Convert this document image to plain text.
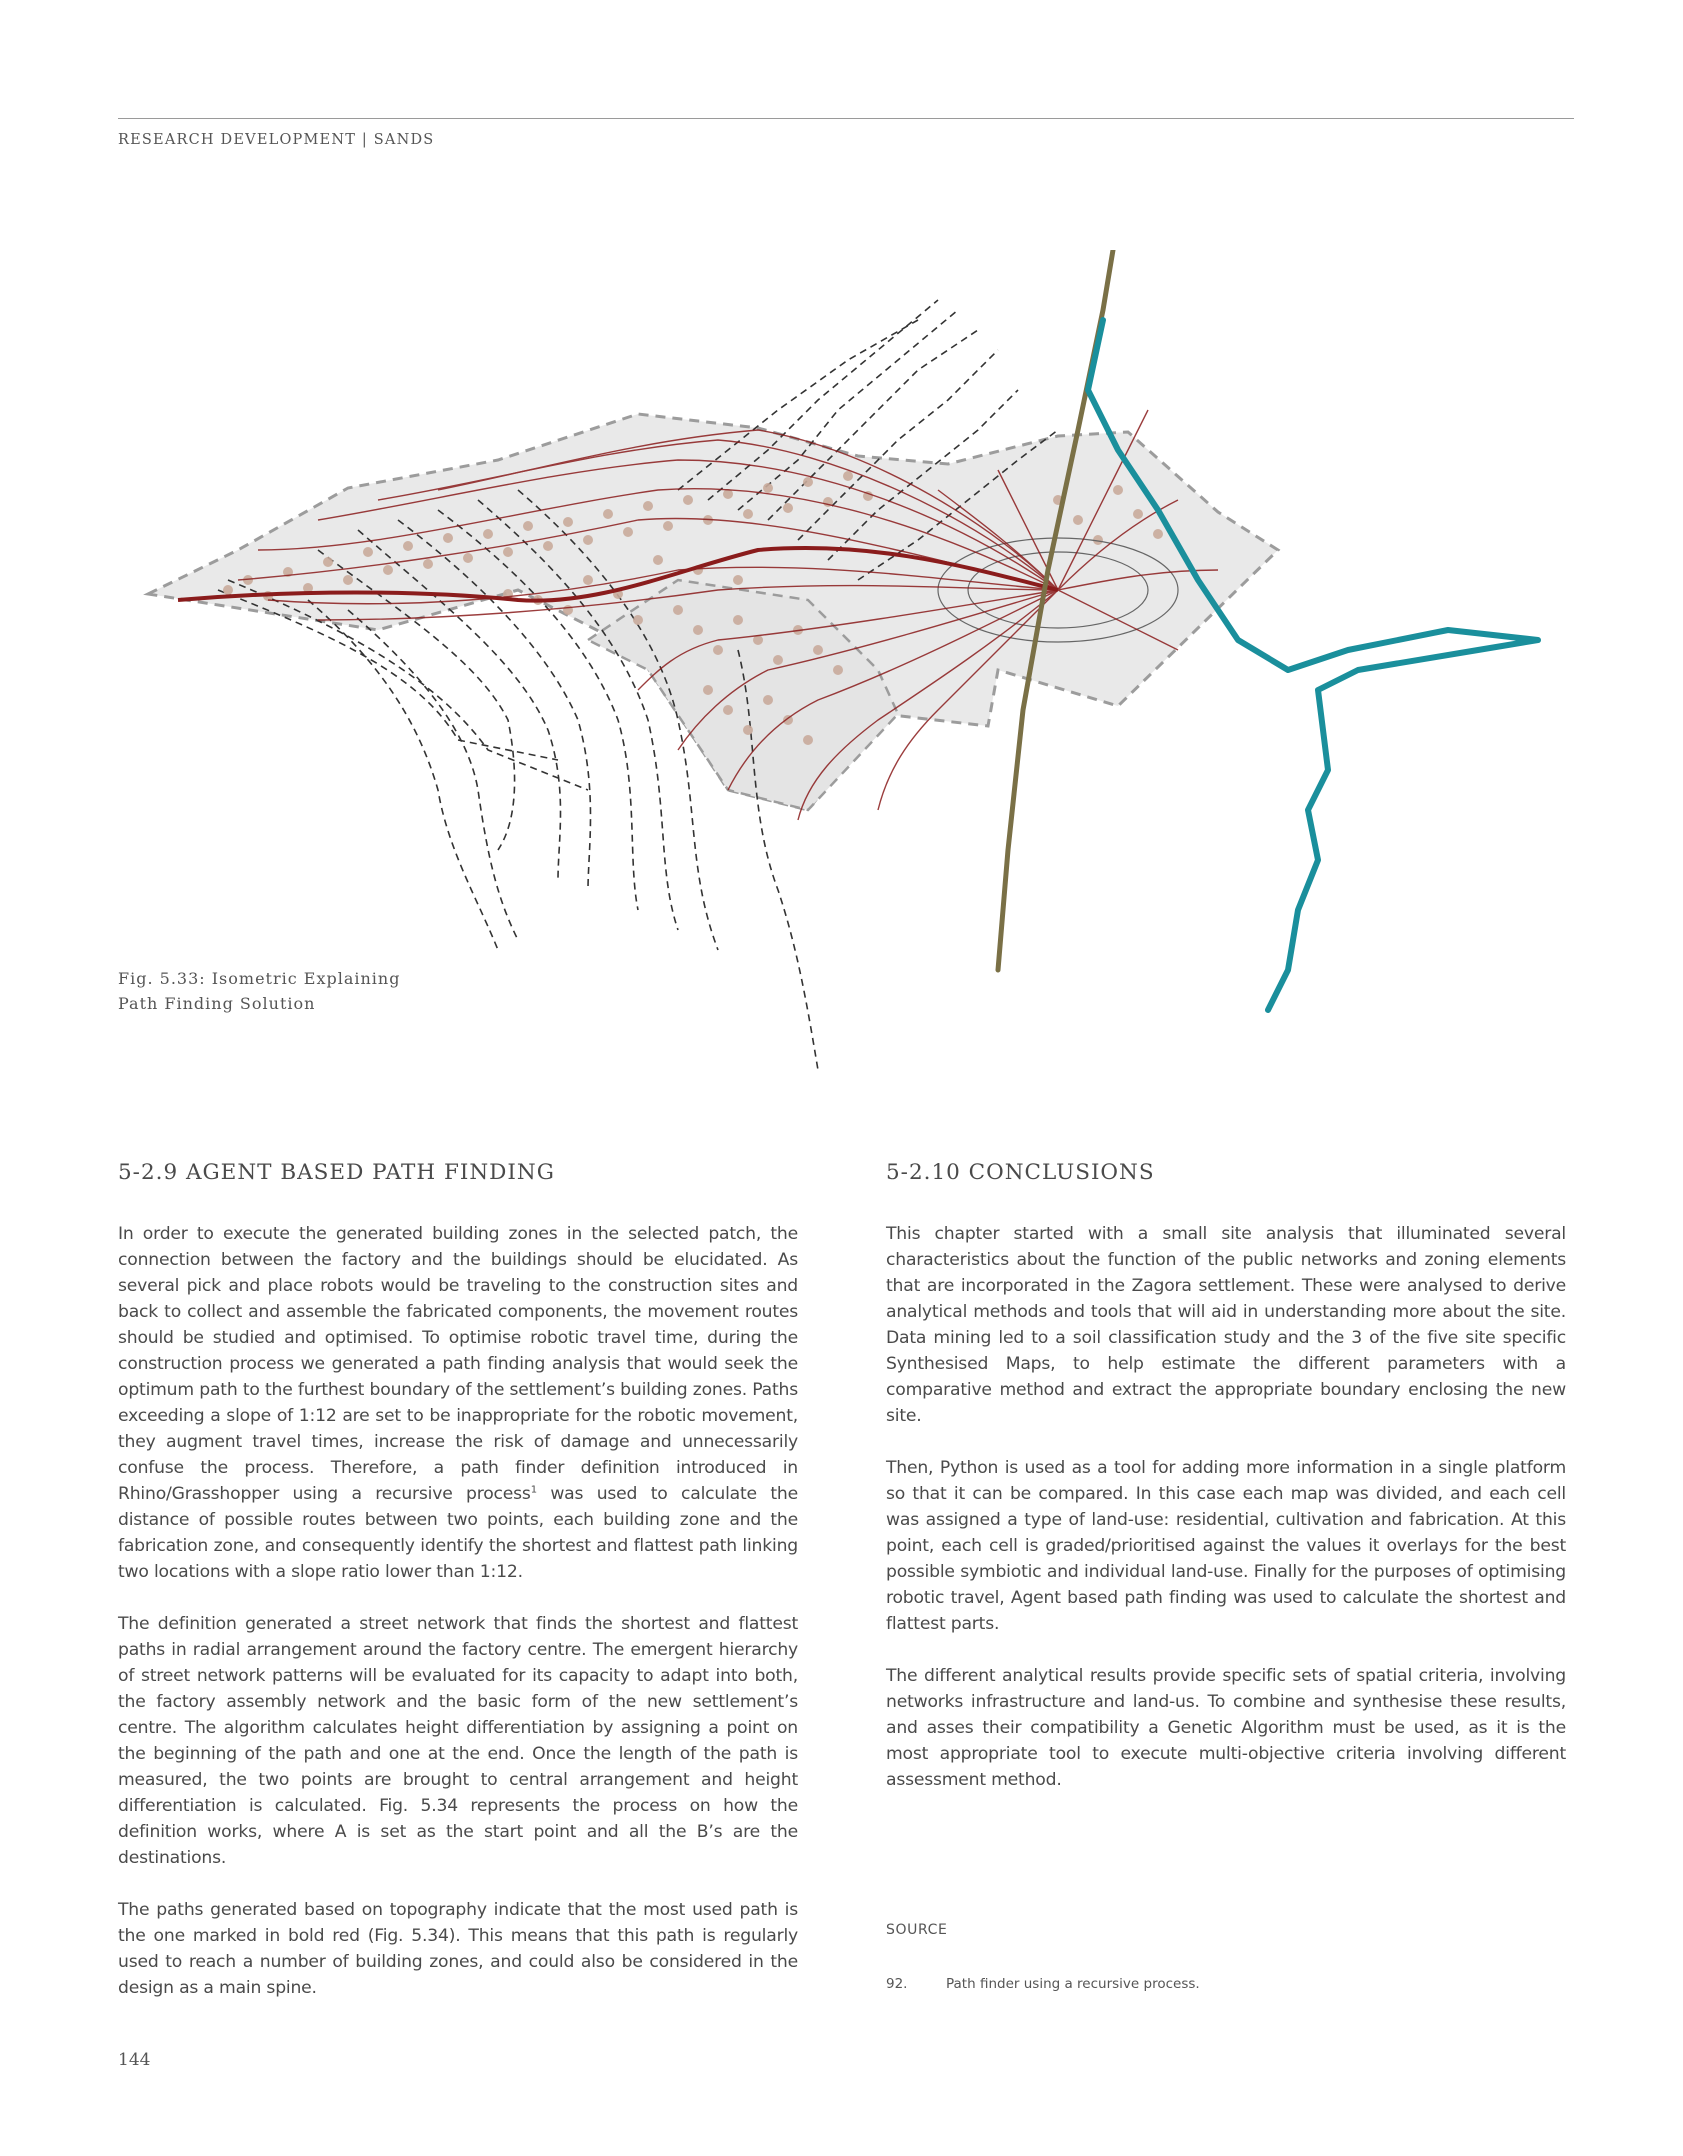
RESEARCH DEVELOPMENT | SANDS
Fig. 5.33: Isometric Explaining
Path Finding Solution
5-2.9 AGENT BASED PATH FINDING

In order to execute the generated building zones in the selected patch, the connection between the factory and the buildings should be elucidated. As several pick and place robots would be traveling to the construction sites and back to collect and assemble the fabricated components, the movement routes should be studied and optimised. To optimise robotic travel time, during the construction process we generated a path finding analysis that would seek the optimum path to the furthest boundary of the settlement’s building zones. Paths exceeding a slope of 1:12 are set to be inappropriate for the robotic movement, they augment travel times, increase the risk of damage and unnecessarily confuse the process. Therefore, a path finder definition introduced in Rhino/Grasshopper using a recursive process$^1$ was used to calculate the distance of possible routes between two points, each building zone and the fabrication zone, and consequently identify the shortest and flattest path linking two locations with a slope ratio lower than 1:12.

The definition generated a street network that finds the shortest and flattest paths in radial arrangement around the factory centre. The emergent hierarchy of street network patterns will be evaluated for its capacity to adapt into both, the factory assembly network and the basic form of the new settlement’s centre. The algorithm calculates height differentiation by assigning a point on the beginning of the path and one at the end. Once the length of the path is measured, the two points are brought to central arrangement and height differentiation is calculated. Fig. 5.34 represents the process on how the definition works, where A is set as the start point and all the B’s are the destinations.

The paths generated based on topography indicate that the most used path is the one marked in bold red (Fig. 5.34). This means that this path is regularly used to reach a number of building zones, and could also be considered in the design as a main spine.

5-2.10 CONCLUSIONS

This chapter started with a small site analysis that illuminated several characteristics about the function of the public networks and zoning elements that are incorporated in the Zagora settlement. These were analysed to derive analytical methods and tools that will aid in understanding more about the site. Data mining led to a soil classification study and the 3 of the five site specific Synthesised Maps, to help estimate the different parameters with a comparative method and extract the appropriate boundary enclosing the new site.

Then, Python is used as a tool for adding more information in a single platform so that it can be compared. In this case each map was divided, and each cell was assigned a type of land-use: residential, cultivation and fabrication. At this point, each cell is graded/prioritised against the values it overlays for the best possible symbiotic and individual land-use. Finally for the purposes of optimising robotic travel, Agent based path finding was used to calculate the shortest and flattest parts.

The different analytical results provide specific sets of spatial criteria, involving networks infrastructure and land-us. To combine and synthesise these results, and asses their compatibility a Genetic Algorithm must be used, as it is the most appropriate tool to execute multi-objective criteria involving different assessment method.

SOURCE
92.	Path finder using a recursive process.
144
